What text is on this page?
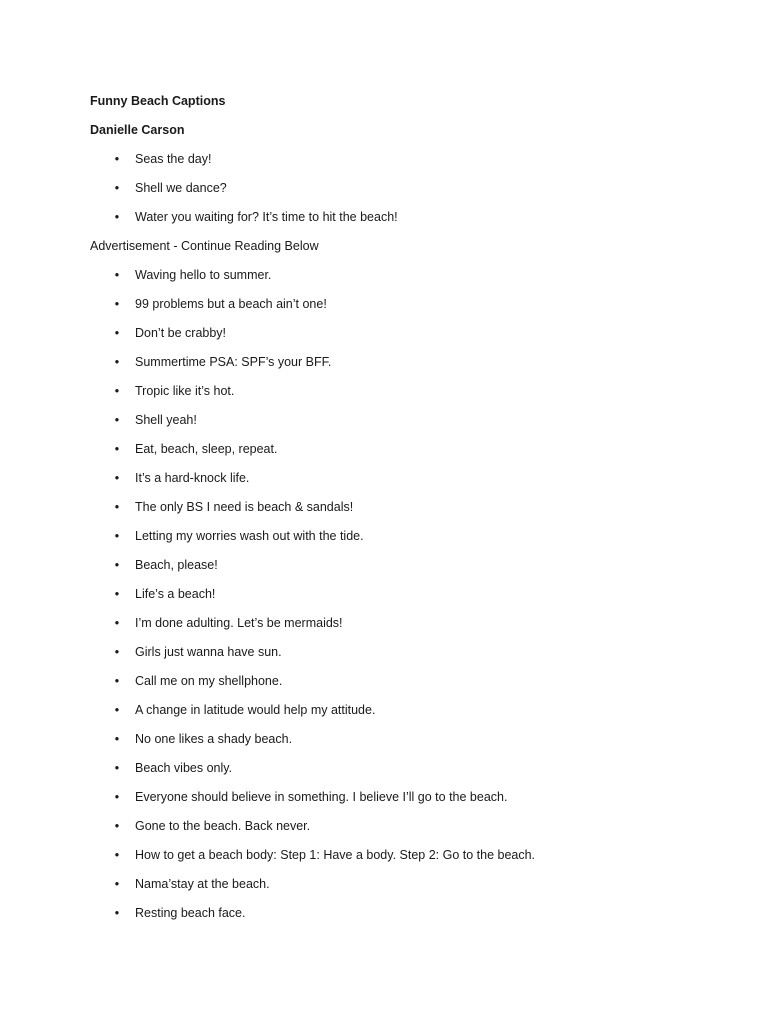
Funny Beach Captions
Danielle Carson
• Seas the day!
• Shell we dance?
• Water you waiting for? It’s time to hit the beach!
Advertisement - Continue Reading Below
• Waving hello to summer.
• 99 problems but a beach ain’t one!
• Don’t be crabby!
• Summertime PSA: SPF’s your BFF.
• Tropic like it’s hot.
• Shell yeah!
• Eat, beach, sleep, repeat.
• It’s a hard-knock life.
• The only BS I need is beach & sandals!
• Letting my worries wash out with the tide.
• Beach, please!
• Life’s a beach!
• I’m done adulting. Let’s be mermaids!
• Girls just wanna have sun.
• Call me on my shellphone.
• A change in latitude would help my attitude.
• No one likes a shady beach.
• Beach vibes only.
• Everyone should believe in something. I believe I’ll go to the beach.
• Gone to the beach. Back never.
• How to get a beach body: Step 1: Have a body. Step 2: Go to the beach.
• Nama’stay at the beach.
• Resting beach face.
